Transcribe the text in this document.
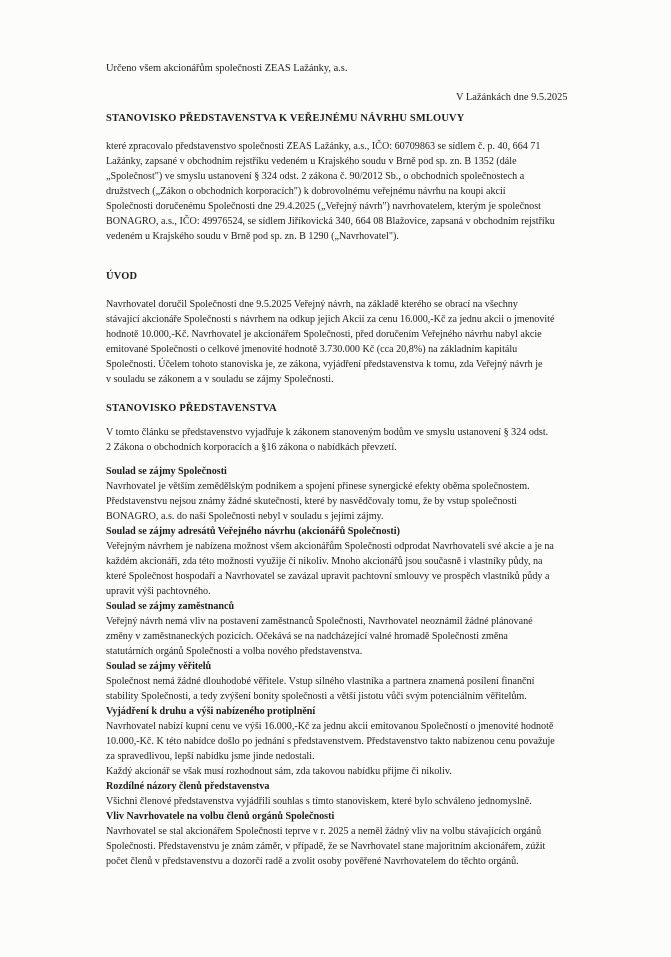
Určeno všem akcionářům společnosti ZEAS Lažánky, a.s.
V Lažánkách dne 9.5.2025
STANOVISKO PŘEDSTAVENSTVA K VEŘEJNÉMU NÁVRHU SMLOUVY

které zpracovalo představenstvo společnosti ZEAS Lažánky, a.s., IČO: 60709863 se sídlem č. p. 40, 664 71

Lažánky, zapsané v obchodním rejstříku vedeném u Krajského soudu v Brně pod sp. zn. B 1352 (dále

„Společnost") ve smyslu ustanovení § 324 odst. 2 zákona č. 90/2012 Sb., o obchodních společnostech a

družstvech („Zákon o obchodních korporacích") k dobrovolnému veřejnému návrhu na koupi akcií

Společnosti doručenému Společnosti dne 29.4.2025 („Veřejný návrh") navrhovatelem, kterým je společnost

BONAGRO, a.s., IČO: 49976524, se sídlem Jiříkovická 340, 664 08 Blažovice, zapsaná v obchodním rejstříku

vedeném u Krajského soudu v Brně pod sp. zn. B 1290 („Navrhovatel").

ÚVOD

Navrhovatel doručil Společnosti dne 9.5.2025 Veřejný návrh, na základě kterého se obrací na všechny

stávající akcionáře Společnosti s návrhem na odkup jejich Akcií za cenu 16.000,-Kč za jednu akcii o jmenovité

hodnotě 10.000,-Kč. Navrhovatel je akcionářem Společnosti, před doručením Veřejného návrhu nabyl akcie

emitované Společnosti o celkové jmenovité hodnotě 3.730.000 Kč (cca 20,8%) na základním kapitálu

Společnosti. Účelem tohoto stanoviska je, ze zákona, vyjádření představenstva k tomu, zda Veřejný návrh je

v souladu se zákonem a v souladu se zájmy Společnosti.

STANOVISKO PŘEDSTAVENSTVA

V tomto článku se představenstvo vyjadřuje k zákonem stanoveným bodům ve smyslu ustanovení § 324 odst.

2 Zákona o obchodních korporacích a §16 zákona o nabídkách převzetí.

Soulad se zájmy Společnosti

Navrhovatel je větším zemědělským podnikem a spojení přinese synergické efekty oběma společnostem.

Představenstvu nejsou známy žádné skutečnosti, které by nasvědčovaly tomu, že by vstup společnosti

BONAGRO, a.s. do naší Společnosti nebyl v souladu s jejími zájmy.

Soulad se zájmy adresátů Veřejného návrhu (akcionářů Společnosti)

Veřejným návrhem je nabízena možnost všem akcionářům Společnosti odprodat Navrhovateli své akcie a je na

každém akcionáři, zda této možnosti využije či nikoliv. Mnoho akcionářů jsou současně i vlastníky půdy, na

které Společnost hospodaří a Navrhovatel se zavázal upravit pachtovní smlouvy ve prospěch vlastníků půdy a

upravit výši pachtovného.

Soulad se zájmy zaměstnanců

Veřejný návrh nemá vliv na postavení zaměstnanců Společnosti, Navrhovatel neoznámil žádné plánované

změny v zaměstnaneckých pozicích. Očekává se na nadcházející valné hromadě Společnosti změna

statutárních orgánů Společnosti a volba nového představenstva.

Soulad se zájmy věřitelů

Společnost nemá žádné dlouhodobé věřitele. Vstup silného vlastníka a partnera znamená posílení finanční

stability Společnosti, a tedy zvýšení bonity společnosti a větší jistotu vůči svým potenciálním věřitelům.

Vyjádření k druhu a výši nabízeného protiplnění

Navrhovatel nabízí kupní cenu ve výši 16.000,-Kč za jednu akcii emitovanou Společností o jmenovité hodnotě

10.000,-Kč. K této nabídce došlo po jednání s představenstvem. Představenstvo takto nabízenou cenu považuje

za spravedlivou, lepší nabídku jsme jinde nedostali.

Každý akcionář se však musí rozhodnout sám, zda takovou nabídku přijme či nikoliv.

Rozdílné názory členů představenstva

Všichni členové představenstva vyjádřili souhlas s tímto stanoviskem, které bylo schváleno jednomyslně.

Vliv Navrhovatele na volbu členů orgánů Společnosti

Navrhovatel se stal akcionářem Společnosti teprve v r. 2025 a neměl žádný vliv na volbu stávajících orgánů

Společnosti. Představenstvu je znám záměr, v případě, že se Navrhovatel stane majoritním akcionářem, zúžit

počet členů v představenstvu a dozorčí radě a zvolit osoby pověřené Navrhovatelem do těchto orgánů.
